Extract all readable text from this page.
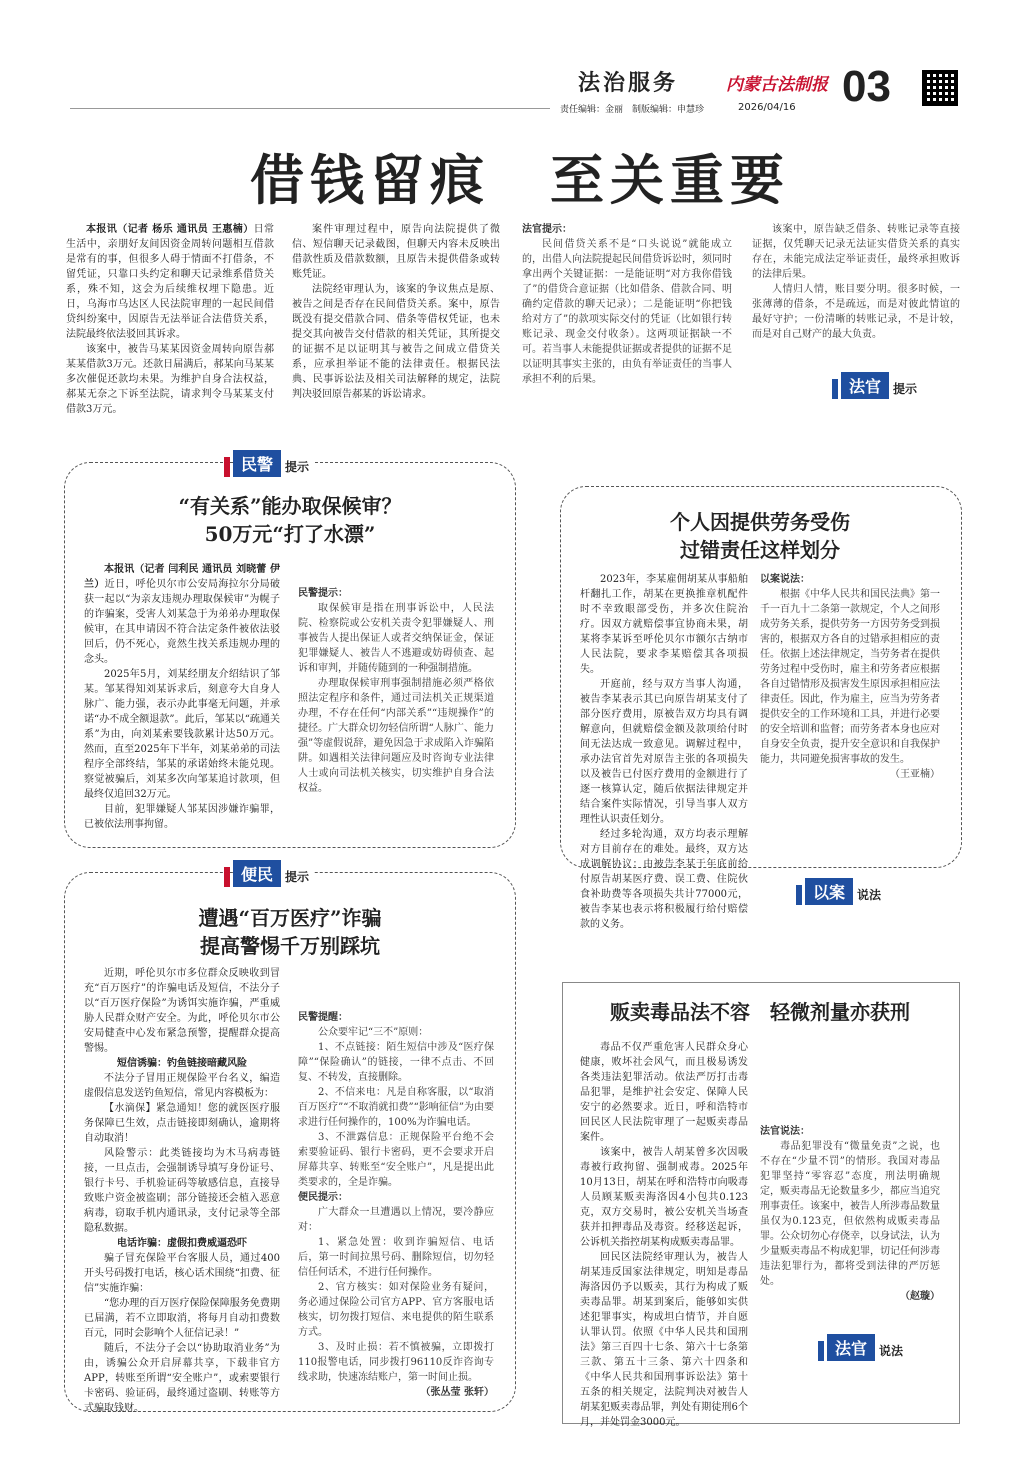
法治服务	内蒙古法制报 03
责任编辑：金丽　制版编辑：申慧珍	2026/04/16
借钱留痕　至关重要

本报讯（记者 杨乐 通讯员 王惠楠）日常生活中，亲朋好友间因资金周转问题相互借款是常有的事，但很多人碍于情面不打借条，不留凭证，只靠口头约定和聊天记录维系借贷关系，殊不知，这会为后续维权埋下隐患。近日，乌海市乌达区人民法院审理的一起民间借贷纠纷案中，因原告无法举证合法借贷关系，法院最终依法驳回其诉求。

该案中，被告马某某因资金周转向原告郝某某借款3万元。还款日届满后，郝某向马某某多次催促还款均未果。为维护自身合法权益，郝某无奈之下诉至法院，请求判令马某某支付借款3万元。

案件审理过程中，原告向法院提供了微信、短信聊天记录截图，但聊天内容未反映出借款性质及借款数额，且原告未提供借条或转账凭证。

法院经审理认为，该案的争议焦点是原、被告之间是否存在民间借贷关系。案中，原告既没有提交借款合同、借条等借权凭证，也未提交其向被告交付借款的相关凭证，其所提交的证据不足以证明其与被告之间成立借贷关系，应承担举证不能的法律责任。根据民法典、民事诉讼法及相关司法解释的规定，法院判决驳回原告郝某的诉讼请求。

法官提示：

民间借贷关系不是“口头说说”就能成立的，出借人向法院提起民间借贷诉讼时，须同时拿出两个关键证据：一是能证明“对方我你借钱了”的借贷合意证据（比如借条、借款合同、明确约定借款的聊天记录）；二是能证明“你把钱给对方了”的款项实际交付的凭证（比如银行转账记录、现金交付收条）。这两项证据缺一不可。若当事人未能提供证据或者提供的证据不足以证明其事实主张的，由负有举证责任的当事人承担不利的后果。

该案中，原告缺乏借条、转账记录等直接证据，仅凭聊天记录无法证实借贷关系的真实存在，未能完成法定举证责任，最终承担败诉的法律后果。

人情归人情，账目要分明。很多时候，一张薄薄的借条，不是疏远，而是对彼此情谊的最好守护；一份清晰的转账记录，不是计较，而是对自己财产的最大负责。

法官	提示
民警	提示
“有关系”能办取保候审？
50万元“打了水漂”

本报讯（记者 闫利民 通讯员 刘晓蕾 伊兰）近日，呼伦贝尔市公安局海拉尔分局破获一起以“为亲友违规办理取保候审”为幌子的诈骗案，受害人刘某急于为弟弟办理取保候审，在其申请因不符合法定条件被依法驳回后，仍不死心，竟然生找关系违规办理的念头。

2025年5月，刘某经朋友介绍结识了邹某。邹某得知刘某诉求后，刻意夸大自身人脉广、能力强，表示办此事毫无问题，并承诺“办不成全额退款”。此后，邹某以“疏通关系”为由，向刘某索要钱款累计达50万元。然而，直至2025年下半年，刘某弟弟的司法程序全部终结，邹某的承诺始终未能兑现。察觉被骗后，刘某多次向邹某追讨款项，但最终仅追回32万元。

目前，犯罪嫌疑人邹某因涉嫌诈骗罪，已被依法刑事拘留。

民警提示：

取保候审是指在刑事诉讼中，人民法院、检察院或公安机关责令犯罪嫌疑人、刑事被告人提出保证人或者交纳保证金，保证犯罪嫌疑人、被告人不逃避或妨碍侦查、起诉和审判，并随传随到的一种强制措施。

办理取保候审刑事强制措施必须严格依照法定程序和条件，通过司法机关正规渠道办理，不存在任何“内部关系”“违规操作”的捷径。广大群众切勿轻信所谓“人脉广、能力强”等虚假说辞，避免因急于求成陷入诈骗陷阱。如遇相关法律问题应及时咨询专业法律人士或向司法机关核实，切实维护自身合法权益。

个人因提供劳务受伤
过错责任这样划分

2023年，李某雇佣胡某从事船舶杆翻扎工作，胡某在更换推章机配件时不幸致眼部受伤，并多次住院治疗。因双方就赔偿事宜协商未果，胡某将李某诉至呼伦贝尔市额尔古纳市人民法院，要求李某赔偿其各项损失。

开庭前，经与双方当事人沟通，被告李某表示其已向原告胡某支付了部分医疗费用，原被告双方均具有调解意向，但就赔偿金额及款项给付时间无法达成一致意见。调解过程中，承办法官首先对原告主张的各项损失以及被告已付医疗费用的金额进行了逐一核算认定，随后依据法律规定并结合案件实际情况，引导当事人双方理性认识责任划分。

经过多轮沟通，双方均表示理解对方目前存在的难处。最终，双方达成调解协议：由被告李某于年底前给付原告胡某医疗费、误工费、住院伙食补助费等各项损失共计77000元，被告李某也表示将积极履行给付赔偿款的义务。

以案说法：

根据《中华人民共和国民法典》第一千一百九十二条第一款规定，个人之间形成劳务关系，提供劳务一方因劳务受到损害的，根据双方各自的过错承担相应的责任。依据上述法律规定，当劳务者在提供劳务过程中受伤时，雇主和劳务者应根据各自过错情形及损害发生原因承担相应法律责任。因此，作为雇主，应当为劳务者提供安全的工作环境和工具，并进行必要的安全培训和监督；而劳务者本身也应对自身安全负责，提升安全意识和自我保护能力，共同避免损害事故的发生。

（王亚楠）
以案	说法
便民	提示
遭遇“百万医疗”诈骗
提高警惕千万别踩坑

近期，呼伦贝尔市多位群众反映收到冒充“百万医疗”的诈骗电话及短信，不法分子以“百万医疗保险”为诱饵实施诈骗，严重威胁人民群众财产安全。为此，呼伦贝尔市公安局健查中心发布紧急预警，提醒群众提高警惕。

短信诱骗：钓鱼链接暗藏风险

不法分子冒用正规保险平台名义，编造虚假信息发送钓鱼短信，常见内容模板为：

【水滴保】紧急通知！您的就医医疗服务保障已生效，点击链接即刻确认，逾期将自动取消！

风险警示：此类链接均为木马病毒链接，一旦点击，会强制诱导填写身份证号、银行卡号、手机验证码等敏感信息，直接导致账户资金被盗刷；部分链接还会植入恶意病毒，窃取手机内通讯录，支付记录等全部隐私数据。

电话诈骗：虚假扣费威逼恐吓

骗子冒充保险平台客服人员，通过400开头号码拨打电话，核心话术围绕“扣费、征信”实施诈骗：

“您办理的百万医疗保险保障服务免费期已届满，若不立即取消，将每月自动扣费数百元，同时会影响个人征信记录！”

随后，不法分子会以“协助取消业务”为由，诱骗公众开启屏幕共享，下载非官方APP，转账至所谓“安全账户”，或索要银行卡密码、验证码，最终通过盗刷、转账等方式骗取钱财。

民警提醒：

公众要牢记“三不”原则：

1、不点链接：陌生短信中涉及“医疗保障”“保险确认”的链接，一律不点击、不回复、不转发，直接删除。

2、不信来电：凡是自称客服，以“取消百万医疗”“不取消就扣费”“影响征信”为由要求进行任何操作的，100%为诈骗电话。

3、不泄露信息：正规保险平台绝不会索要验证码、银行卡密码，更不会要求开启屏幕共享、转账至“安全账户”，凡是提出此类要求的，全是诈骗。

便民提示：

广大群众一旦遭遇以上情况，要冷静应对：

1、紧急处置：收到诈骗短信、电话后，第一时间拉黑号码、删除短信，切勿轻信任何话术，不进行任何操作。

2、官方核实：如对保险业务有疑问，务必通过保险公司官方APP、官方客服电话核实，切勿拨打短信、来电提供的陌生联系方式。

3、及时止损：若不慎被骗，立即拨打110报警电话，同步拨打96110反诈咨询专线求助，快速冻结账户，第一时间止损。

（张丛莹 张轩）
贩卖毒品法不容　轻微剂量亦获刑

毒品不仅严重危害人民群众身心健康，败坏社会风气，而且极易诱发各类违法犯罪活动。依法严厉打击毒品犯罪，是维护社会安定、保障人民安宁的必然要求。近日，呼和浩特市回民区人民法院审理了一起贩卖毒品案件。

该案中，被告人胡某曾多次因吸毒被行政拘留、强制戒毒。2025年10月13日，胡某在呼和浩特市向吸毒人员顾某贩卖海洛因4小包共0.123克，双方交易时，被公安机关当场查获并扣押毒品及毒资。经移送起诉，公诉机关指控胡某构成贩卖毒品罪。

回民区法院经审理认为，被告人胡某违反国家法律规定，明知是毒品海洛因仍予以贩卖，其行为构成了贩卖毒品罪。胡某到案后，能够如实供述犯罪事实，构成坦白情节，并自愿认罪认罚。依照《中华人民共和国刑法》第三百四十七条、第六十七条第三款、第五十三条、第六十四条和《中华人民共和国刑事诉讼法》第十五条的相关规定，法院判决对被告人胡某犯贩卖毒品罪，判处有期徒刑6个月，并处罚金3000元。

法官说法：

毒品犯罪没有“微量免责”之说，也不存在“少量不罚”的情形。我国对毒品犯罪坚持“零容忍”态度，刑法明确规定，贩卖毒品无论数量多少，都应当追究刑事责任。该案中，被告人所涉毒品数量虽仅为0.123克，但依然构成贩卖毒品罪。公众切勿心存侥幸，以身试法，认为少量贩卖毒品不构成犯罪，切记任何涉毒违法犯罪行为，都将受到法律的严厉惩处。

（赵璇）
法官	说法
